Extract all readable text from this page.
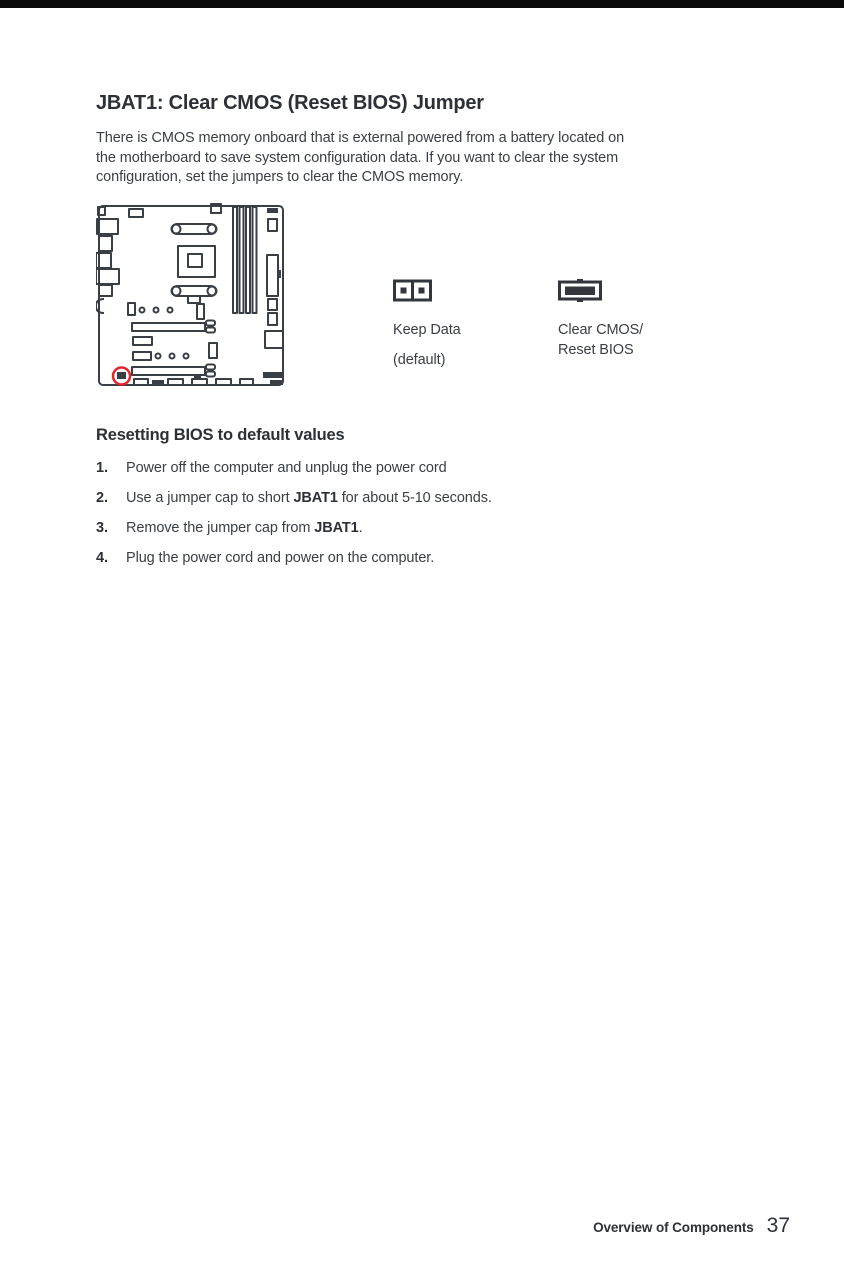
JBAT1: Clear CMOS (Reset BIOS) Jumper
There is CMOS memory onboard that is external powered from a battery located on
the motherboard to save system configuration data. If you want to clear the system
configuration, set the jumpers to clear the CMOS memory.
Keep Data
(default)
Clear CMOS/
Reset BIOS
Resetting BIOS to default values
1.	Power off the computer and unplug the power cord
2.	Use a jumper cap to short JBAT1 for about 5-10 seconds.
3.	Remove the jumper cap from JBAT1.
4.	Plug the power cord and power on the computer.
Overview of Components 37
